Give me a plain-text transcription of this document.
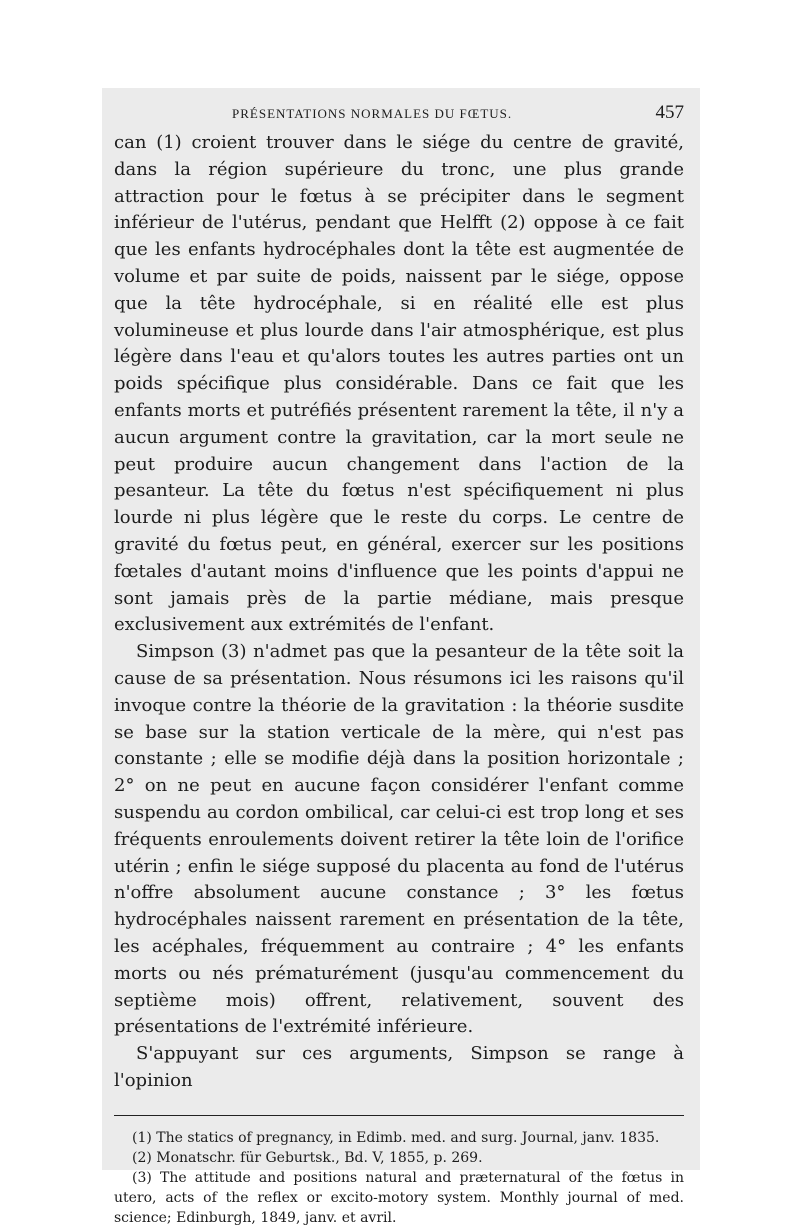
PRÉSENTATIONS NORMALES DU FŒTUS.	457

can (1) croient trouver dans le siége du centre de gravité, dans la région supérieure du tronc, une plus grande attraction pour le fœtus à se précipiter dans le segment inférieur de l'utérus, pendant que Helfft (2) oppose à ce fait que les enfants hydrocéphales dont la tête est augmentée de volume et par suite de poids, naissent par le siége, oppose que la tête hydrocéphale, si en réalité elle est plus volumineuse et plus lourde dans l'air atmosphérique, est plus légère dans l'eau et qu'alors toutes les autres parties ont un poids spécifique plus considérable. Dans ce fait que les enfants morts et putréfiés présentent rarement la tête, il n'y a aucun argument contre la gravitation, car la mort seule ne peut produire aucun changement dans l'action de la pesanteur. La tête du fœtus n'est spécifiquement ni plus lourde ni plus légère que le reste du corps. Le centre de gravité du fœtus peut, en général, exercer sur les positions fœtales d'autant moins d'influence que les points d'appui ne sont jamais près de la partie médiane, mais presque exclusivement aux extrémités de l'enfant.

Simpson (3) n'admet pas que la pesanteur de la tête soit la cause de sa présentation. Nous résumons ici les raisons qu'il invoque contre la théorie de la gravitation : la théorie susdite se base sur la station verticale de la mère, qui n'est pas constante ; elle se modifie déjà dans la position horizontale ; 2° on ne peut en aucune façon considérer l'enfant comme suspendu au cordon ombilical, car celui-ci est trop long et ses fréquents enroulements doivent retirer la tête loin de l'orifice utérin ; enfin le siége supposé du placenta au fond de l'utérus n'offre absolument aucune constance ; 3° les fœtus hydrocéphales naissent rarement en présentation de la tête, les acéphales, fréquemment au contraire ; 4° les enfants morts ou nés prématurément (jusqu'au commencement du septième mois) offrent, relativement, souvent des présentations de l'extrémité inférieure.

S'appuyant sur ces arguments, Simpson se range à l'opinion

(1) The statics of pregnancy, in Edimb. med. and surg. Journal, janv. 1835.

(2) Monatschr. für Geburtsk., Bd. V, 1855, p. 269.

(3) The attitude and positions natural and præternatural of the fœtus in utero, acts of the reflex or excito-motory system. Monthly journal of med. science; Edinburgh, 1849, janv. et avril.
